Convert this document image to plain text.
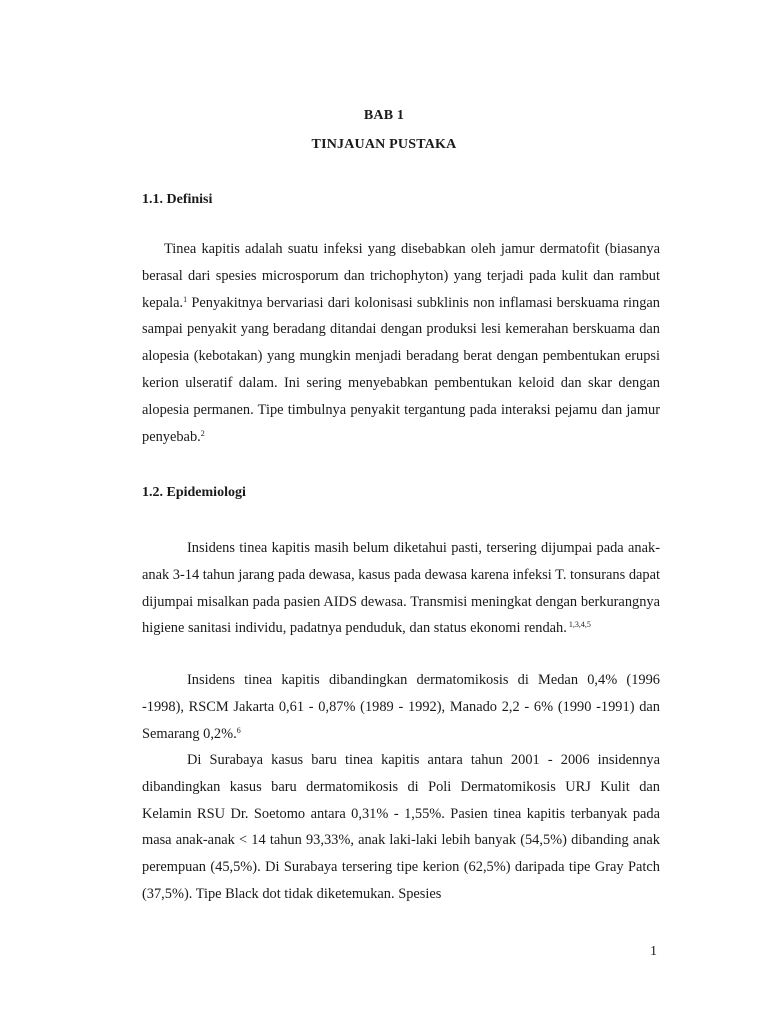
BAB 1
TINJAUAN PUSTAKA
1.1. Definisi

Tinea kapitis adalah suatu infeksi yang disebabkan oleh jamur dermatofit (biasanya berasal dari spesies microsporum dan trichophyton) yang terjadi pada kulit dan rambut kepala.$^1$ Penyakitnya bervariasi dari kolonisasi subklinis non inflamasi berskuama ringan sampai penyakit yang beradang ditandai dengan produksi lesi kemerahan berskuama dan alopesia (kebotakan) yang mungkin menjadi beradang berat dengan pembentukan erupsi kerion ulseratif dalam. Ini sering menyebabkan pembentukan keloid dan skar dengan alopesia permanen. Tipe timbulnya penyakit tergantung pada interaksi pejamu dan jamur penyebab.$^2$

1.2. Epidemiologi

Insidens tinea kapitis masih belum diketahui pasti, tersering dijumpai pada anak-anak 3-14 tahun jarang pada dewasa, kasus pada dewasa karena infeksi T. tonsurans dapat dijumpai misalkan pada pasien AIDS dewasa. Transmisi meningkat dengan berkurangnya higiene sanitasi individu, padatnya penduduk, dan status ekonomi rendah. $^{1,3,4,5}$

Insidens tinea kapitis dibandingkan dermatomikosis di Medan 0,4% (1996 -1998), RSCM Jakarta 0,61 - 0,87% (1989 - 1992), Manado 2,2 - 6% (1990 -1991) dan Semarang 0,2%.$^6$

Di Surabaya kasus baru tinea kapitis antara tahun 2001 - 2006 insidennya dibandingkan kasus baru dermatomikosis di Poli Dermatomikosis URJ Kulit dan Kelamin RSU Dr. Soetomo antara 0,31% - 1,55%. Pasien tinea kapitis terbanyak pada masa anak-anak < 14 tahun 93,33%, anak laki-laki lebih banyak (54,5%) dibanding anak perempuan (45,5%). Di Surabaya tersering tipe kerion (62,5%) daripada tipe Gray Patch (37,5%). Tipe Black dot tidak diketemukan. Spesies

1
